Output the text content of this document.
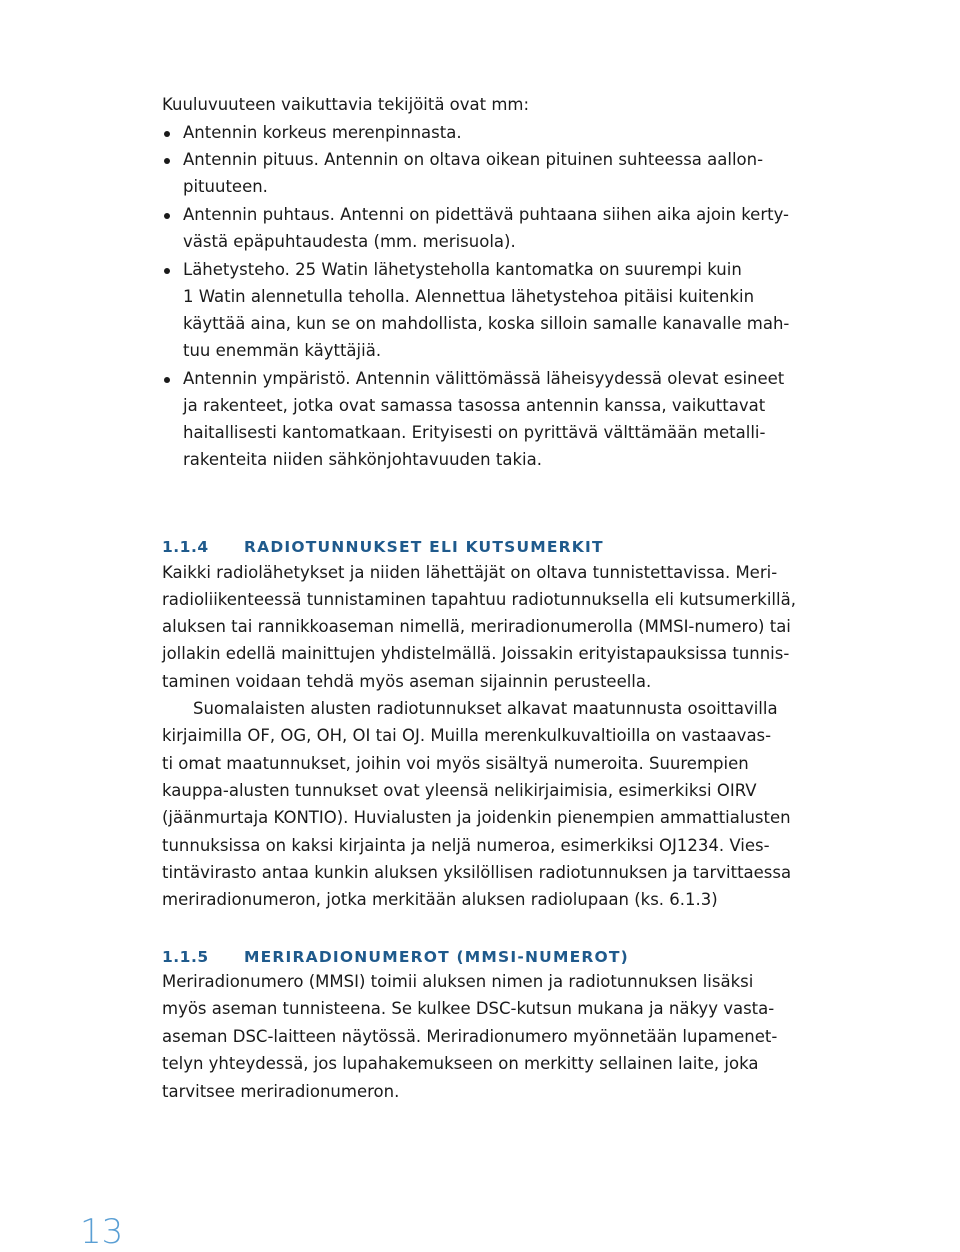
Kuuluvuuteen vaikuttavia tekijöitä ovat mm:
Antennin korkeus merenpinnasta.
Antennin pituus. Antennin on oltava oikean pituinen suhteessa aallon-
pituuteen.
Antennin puhtaus. Antenni on pidettävä puhtaana siihen aika ajoin kerty-
västä epäpuhtaudesta (mm. merisuola).
Lähetysteho. 25 Watin lähetysteholla kantomatka on suurempi kuin
1 Watin alennetulla teholla. Alennettua lähetystehoa pitäisi kuitenkin
käyttää aina, kun se on mahdollista, koska silloin samalle kanavalle mah-
tuu enemmän käyttäjiä.
Antennin ympäristö. Antennin välittömässä läheisyydessä olevat esineet
ja rakenteet, jotka ovat samassa tasossa antennin kanssa, vaikuttavat
haitallisesti kantomatkaan. Erityisesti on pyrittävä välttämään metalli-
rakenteita niiden sähkönjohtavuuden takia.
1.1.4 RADIOTUNNUKSET ELI KUTSUMERKIT
Kaikki radiolähetykset ja niiden lähettäjät on oltava tunnistettavissa. Meri-
radioliikenteessä tunnistaminen tapahtuu radiotunnuksella eli kutsumerkillä,
aluksen tai rannikkoaseman nimellä, meriradionumerolla (MMSI-numero) tai
jollakin edellä mainittujen yhdistelmällä. Joissakin erityistapauksissa tunnis-
taminen voidaan tehdä myös aseman sijainnin perusteella.
Suomalaisten alusten radiotunnukset alkavat maatunnusta osoittavilla
kirjaimilla OF, OG, OH, OI tai OJ. Muilla merenkulkuvaltioilla on vastaavas-
ti omat maatunnukset, joihin voi myös sisältyä numeroita. Suurempien
kauppa-alusten tunnukset ovat yleensä nelikirjaimisia, esimerkiksi OIRV
(jäänmurtaja KONTIO). Huvialusten ja joidenkin pienempien ammattialusten
tunnuksissa on kaksi kirjainta ja neljä numeroa, esimerkiksi OJ1234. Vies-
tintävirasto antaa kunkin aluksen yksilöllisen radiotunnuksen ja tarvittaessa
meriradionumeron, jotka merkitään aluksen radiolupaan (ks. 6.1.3)
1.1.5 MERIRADIONUMEROT (MMSI-NUMEROT)
Meriradionumero (MMSI) toimii aluksen nimen ja radiotunnuksen lisäksi
myös aseman tunnisteena. Se kulkee DSC-kutsun mukana ja näkyy vasta-
aseman DSC-laitteen näytössä. Meriradionumero myönnetään lupamenet-
telyn yhteydessä, jos lupahakemukseen on merkitty sellainen laite, joka
tarvitsee meriradionumeron.
13
